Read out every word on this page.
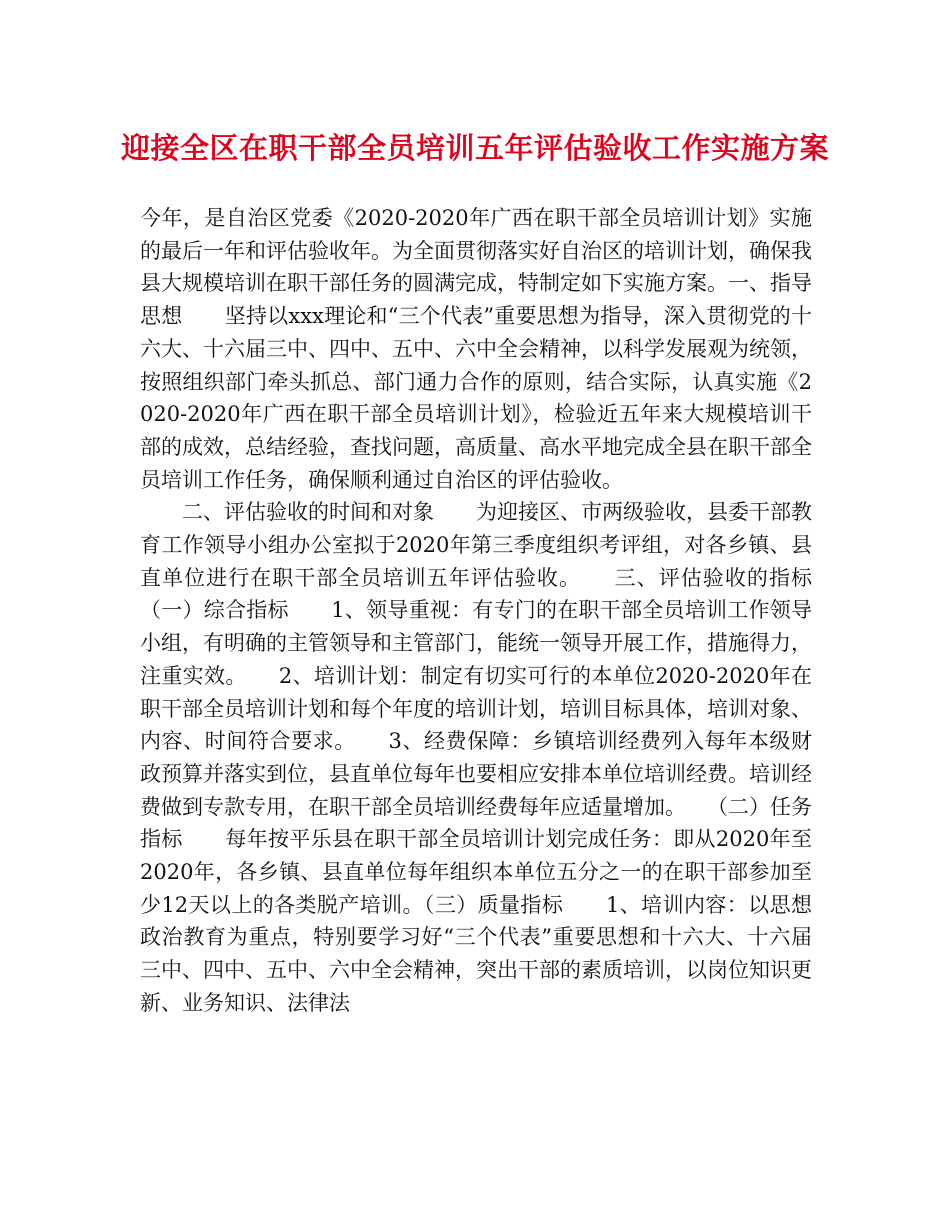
迎接全区在职干部全员培训五年评估验收工作实施方案

今年，是自治区党委《2020-2020年广西在职干部全员培训计划》实施的最后一年和评估验收年。为全面贯彻落实好自治区的培训计划，确保我县大规模培训在职干部任务的圆满完成，特制定如下实施方案。一、指导思想　　坚持以xxx理论和“三个代表”重要思想为指导，深入贯彻党的十六大、十六届三中、四中、五中、六中全会精神，以科学发展观为统领，按照组织部门牵头抓总、部门通力合作的原则，结合实际，认真实施《2020-2020年广西在职干部全员培训计划》，检验近五年来大规模培训干部的成效，总结经验，查找问题，高质量、高水平地完成全县在职干部全员培训工作任务，确保顺利通过自治区的评估验收。

二、评估验收的时间和对象　　为迎接区、市两级验收，县委干部教育工作领导小组办公室拟于2020年第三季度组织考评组，对各乡镇、县直单位进行在职干部全员培训五年评估验收。　　三、评估验收的指标　　（一）综合指标　　1、领导重视：有专门的在职干部全员培训工作领导小组，有明确的主管领导和主管部门，能统一领导开展工作，措施得力，注重实效。　　2、培训计划：制定有切实可行的本单位2020-2020年在职干部全员培训计划和每个年度的培训计划，培训目标具体，培训对象、内容、时间符合要求。　　3、经费保障：乡镇培训经费列入每年本级财政预算并落实到位，县直单位每年也要相应安排本单位培训经费。培训经费做到专款专用，在职干部全员培训经费每年应适量增加。　　（二）任务指标　　每年按平乐县在职干部全员培训计划完成任务：即从2020年至2020年，各乡镇、县直单位每年组织本单位五分之一的在职干部参加至少12天以上的各类脱产培训。（三）质量指标　　1、培训内容：以思想政治教育为重点，特别要学习好“三个代表”重要思想和十六大、十六届三中、四中、五中、六中全会精神，突出干部的素质培训，以岗位知识更新、业务知识、法律法
